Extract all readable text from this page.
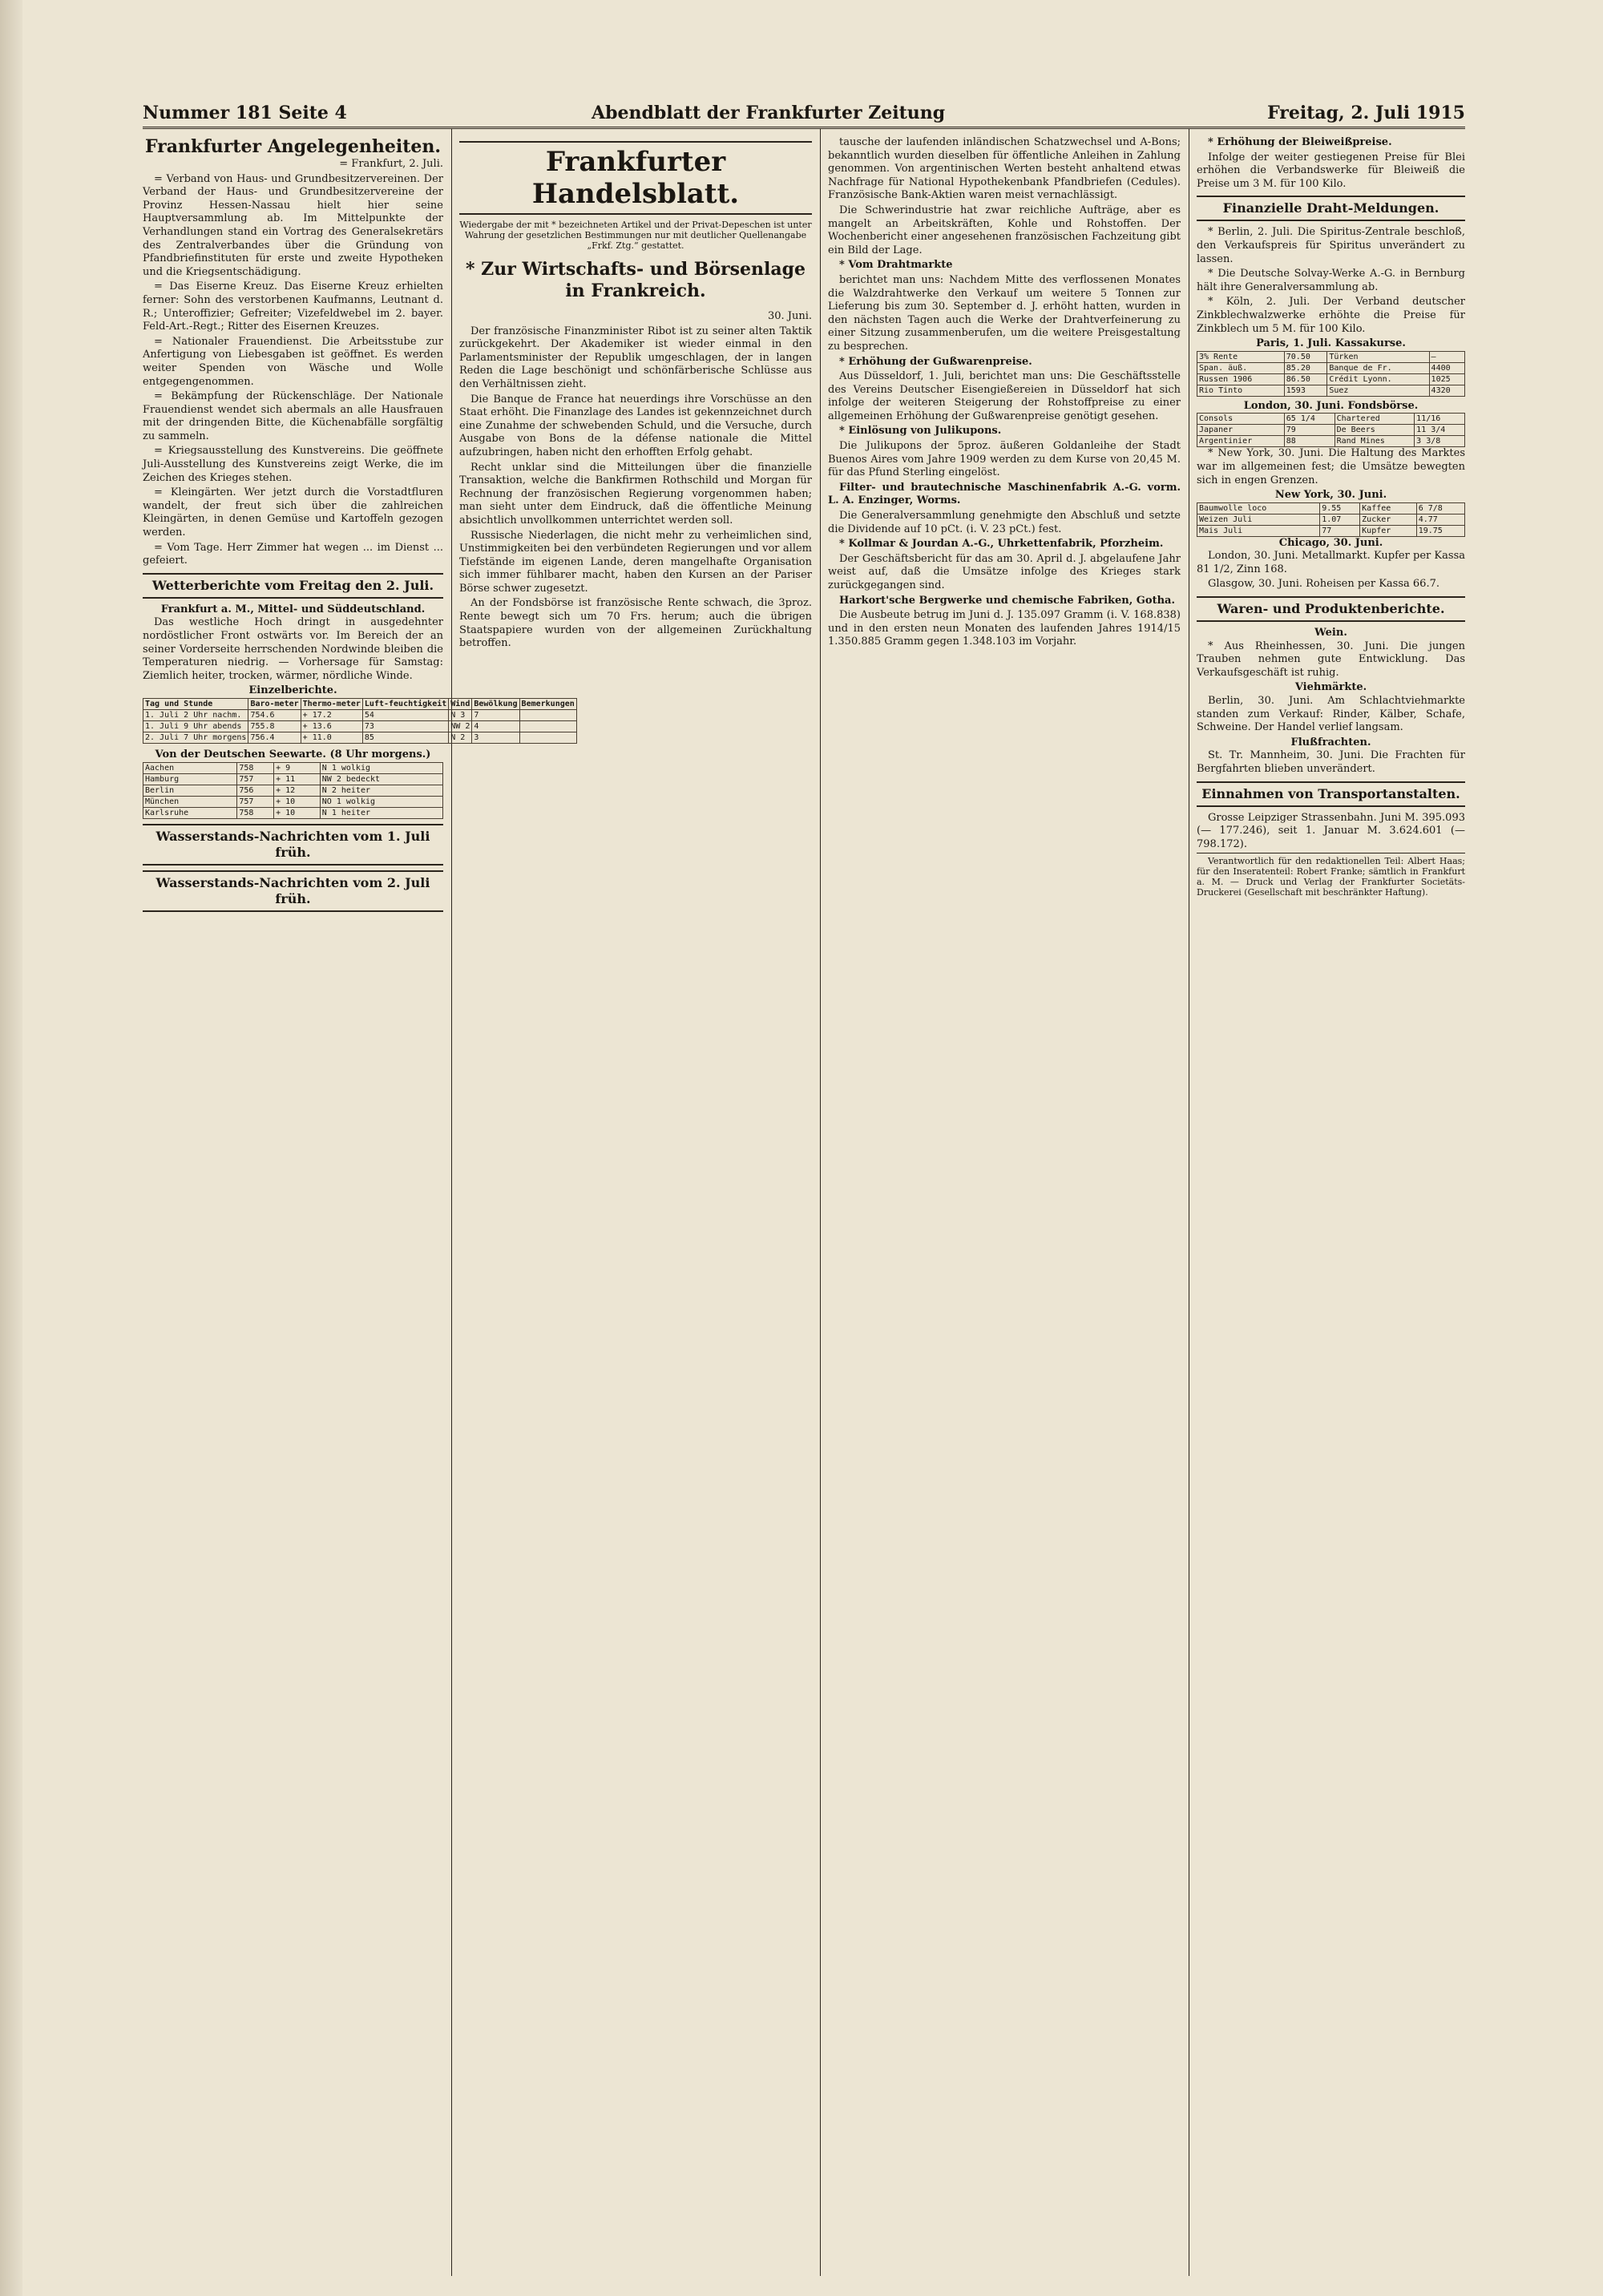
Nummer 181 Seite 4	Abendblatt der Frankfurter Zeitung	Freitag, 2. Juli 1915
Frankfurter Angelegenheiten.

= Frankfurt, 2. Juli.

= Verband von Haus- und Grundbesitzervereinen. Der Verband der Haus- und Grundbesitzervereine der Provinz Hessen-Nassau hielt hier seine Hauptversammlung ab. Im Mittelpunkte der Verhandlungen stand ein Vortrag des Generalsekretärs des Zentralverbandes über die Gründung von Pfandbriefinstituten für erste und zweite Hypotheken und die Kriegsentschädigung.

= Das Eiserne Kreuz. Das Eiserne Kreuz erhielten ferner: Sohn des verstorbenen Kaufmanns, Leutnant d. R.; Unteroffizier; Gefreiter; Vizefeldwebel im 2. bayer. Feld-Art.-Regt.; Ritter des Eisernen Kreuzes.

= Nationaler Frauendienst. Die Arbeitsstube zur Anfertigung von Liebesgaben ist geöffnet. Es werden weiter Spenden von Wäsche und Wolle entgegengenommen.

= Bekämpfung der Rückenschläge. Der Nationale Frauendienst wendet sich abermals an alle Hausfrauen mit der dringenden Bitte, die Küchenabfälle sorgfältig zu sammeln.

= Kriegsausstellung des Kunstvereins. Die geöffnete Juli-Ausstellung des Kunstvereins zeigt Werke, die im Zeichen des Krieges stehen.

= Kleingärten. Wer jetzt durch die Vorstadtfluren wandelt, der freut sich über die zahlreichen Kleingärten, in denen Gemüse und Kartoffeln gezogen werden.

= Vom Tage. Herr Zimmer hat wegen ... im Dienst ... gefeiert.

Wetterberichte vom Freitag den 2. Juli.
Frankfurt a. M., Mittel- und Süddeutschland.

Das westliche Hoch dringt in ausgedehnter nordöstlicher Front ostwärts vor. Im Bereich der an seiner Vorderseite herrschenden Nordwinde bleiben die Temperaturen niedrig. — Vorhersage für Samstag: Ziemlich heiter, trocken, wärmer, nördliche Winde.

Einzelberichte.
Tag und Stunde	Baro-meter	Thermo-meter	Luft-feuchtigkeit	Wind	Bewölkung	Bemerkungen
1. Juli 2 Uhr nachm.	754.6	+ 17.2	54	N 3	7	
1. Juli 9 Uhr abends	755.8	+ 13.6	73	NW 2	4	
2. Juli 7 Uhr morgens	756.4	+ 11.0	85	N 2	3	
Von der Deutschen Seewarte. (8 Uhr morgens.)
Aachen	758	+ 9	N 1 wolkig
Hamburg	757	+ 11	NW 2 bedeckt
Berlin	756	+ 12	N 2 heiter
München	757	+ 10	NO 1 wolkig
Karlsruhe	758	+ 10	N 1 heiter
Wasserstands-Nachrichten vom 1. Juli früh.
Wasserstands-Nachrichten vom 2. Juli früh.
Frankfurter Handelsblatt.

Wiedergabe der mit * bezeichneten Artikel und der Privat-Depeschen ist unter Wahrung der gesetzlichen Bestimmungen nur mit deutlicher Quellenangabe „Frkf. Ztg.“ gestattet.

* Zur Wirtschafts- und Börsenlage in Frankreich.

30. Juni.

Der französische Finanzminister Ribot ist zu seiner alten Taktik zurückgekehrt. Der Akademiker ist wieder einmal in den Parlamentsminister der Republik umgeschlagen, der in langen Reden die Lage beschönigt und schönfärberische Schlüsse aus den Verhältnissen zieht.

Die Banque de France hat neuerdings ihre Vorschüsse an den Staat erhöht. Die Finanzlage des Landes ist gekennzeichnet durch eine Zunahme der schwebenden Schuld, und die Versuche, durch Ausgabe von Bons de la défense nationale die Mittel aufzubringen, haben nicht den erhofften Erfolg gehabt.

Recht unklar sind die Mitteilungen über die finanzielle Transaktion, welche die Bankfirmen Rothschild und Morgan für Rechnung der französischen Regierung vorgenommen haben; man sieht unter dem Eindruck, daß die öffentliche Meinung absichtlich unvollkommen unterrichtet werden soll.

Russische Niederlagen, die nicht mehr zu verheimlichen sind, Unstimmigkeiten bei den verbündeten Regierungen und vor allem Tiefstände im eigenen Lande, deren mangelhafte Organisation sich immer fühlbarer macht, haben den Kursen an der Pariser Börse schwer zugesetzt.

An der Fondsbörse ist französische Rente schwach, die 3proz. Rente bewegt sich um 70 Frs. herum; auch die übrigen Staatspapiere wurden von der allgemeinen Zurückhaltung betroffen.

tausche der laufenden inländischen Schatzwechsel und A-Bons; bekanntlich wurden dieselben für öffentliche Anleihen in Zahlung genommen. Von argentinischen Werten besteht anhaltend etwas Nachfrage für National Hypothekenbank Pfandbriefen (Cedules). Französische Bank-Aktien waren meist vernachlässigt.

Die Schwerindustrie hat zwar reichliche Aufträge, aber es mangelt an Arbeitskräften, Kohle und Rohstoffen. Der Wochenbericht einer angesehenen französischen Fachzeitung gibt ein Bild der Lage.

* Vom Drahtmarkte

berichtet man uns: Nachdem Mitte des verflossenen Monates die Walzdrahtwerke den Verkauf um weitere 5 Tonnen zur Lieferung bis zum 30. September d. J. erhöht hatten, wurden in den nächsten Tagen auch die Werke der Drahtverfeinerung zu einer Sitzung zusammenberufen, um die weitere Preisgestaltung zu besprechen.

* Erhöhung der Gußwarenpreise.

Aus Düsseldorf, 1. Juli, berichtet man uns: Die Geschäftsstelle des Vereins Deutscher Eisengießereien in Düsseldorf hat sich infolge der weiteren Steigerung der Rohstoffpreise zu einer allgemeinen Erhöhung der Gußwarenpreise genötigt gesehen.

* Einlösung von Julikupons.

Die Julikupons der 5proz. äußeren Goldanleihe der Stadt Buenos Aires vom Jahre 1909 werden zu dem Kurse von 20,45 M. für das Pfund Sterling eingelöst.

Filter- und brautechnische Maschinenfabrik A.-G. vorm. L. A. Enzinger, Worms.

Die Generalversammlung genehmigte den Abschluß und setzte die Dividende auf 10 pCt. (i. V. 23 pCt.) fest.

* Kollmar & Jourdan A.-G., Uhrkettenfabrik, Pforzheim.

Der Geschäftsbericht für das am 30. April d. J. abgelaufene Jahr weist auf, daß die Umsätze infolge des Krieges stark zurückgegangen sind.

Harkort'sche Bergwerke und chemische Fabriken, Gotha.

Die Ausbeute betrug im Juni d. J. 135.097 Gramm (i. V. 168.838) und in den ersten neun Monaten des laufenden Jahres 1914/15 1.350.885 Gramm gegen 1.348.103 im Vorjahr.

* Erhöhung der Bleiweißpreise.

Infolge der weiter gestiegenen Preise für Blei erhöhen die Verbandswerke für Bleiweiß die Preise um 3 M. für 100 Kilo.

Finanzielle Draht-Meldungen.

* Berlin, 2. Juli. Die Spiritus-Zentrale beschloß, den Verkaufspreis für Spiritus unverändert zu lassen.

* Die Deutsche Solvay-Werke A.-G. in Bernburg hält ihre Generalversammlung ab.

* Köln, 2. Juli. Der Verband deutscher Zinkblechwalzwerke erhöhte die Preise für Zinkblech um 5 M. für 100 Kilo.

Paris, 1. Juli. Kassakurse.
3% Rente	70.50	Türken	—
Span. äuß.	85.20	Banque de Fr.	4400
Russen 1906	86.50	Crédit Lyonn.	1025
Rio Tinto	1593	Suez	4320
London, 30. Juni. Fondsbörse.
Consols	65 1/4	Chartered	11/16
Japaner	79	De Beers	11 3/4
Argentinier	88	Rand Mines	3 3/8

* New York, 30. Juni. Die Haltung des Marktes war im allgemeinen fest; die Umsätze bewegten sich in engen Grenzen.

New York, 30. Juni.
Baumwolle loco	9.55	Kaffee	6 7/8
Weizen Juli	1.07	Zucker	4.77
Mais Juli	77	Kupfer	19.75
Chicago, 30. Juni.

London, 30. Juni. Metallmarkt. Kupfer per Kassa 81 1/2, Zinn 168.

Glasgow, 30. Juni. Roheisen per Kassa 66.7.

Waren- und Produktenberichte.
Wein.

* Aus Rheinhessen, 30. Juni. Die jungen Trauben nehmen gute Entwicklung. Das Verkaufsgeschäft ist ruhig.

Viehmärkte.

Berlin, 30. Juni. Am Schlachtviehmarkte standen zum Verkauf: Rinder, Kälber, Schafe, Schweine. Der Handel verlief langsam.

Flußfrachten.

St. Tr. Mannheim, 30. Juni. Die Frachten für Bergfahrten blieben unverändert.

Einnahmen von Transportanstalten.

Grosse Leipziger Strassenbahn. Juni M. 395.093 (— 177.246), seit 1. Januar M. 3.624.601 (— 798.172).

Verantwortlich für den redaktionellen Teil: Albert Haas; für den Inseratenteil: Robert Franke; sämtlich in Frankfurt a. M. — Druck und Verlag der Frankfurter Societäts-Druckerei (Gesellschaft mit beschränkter Haftung).
